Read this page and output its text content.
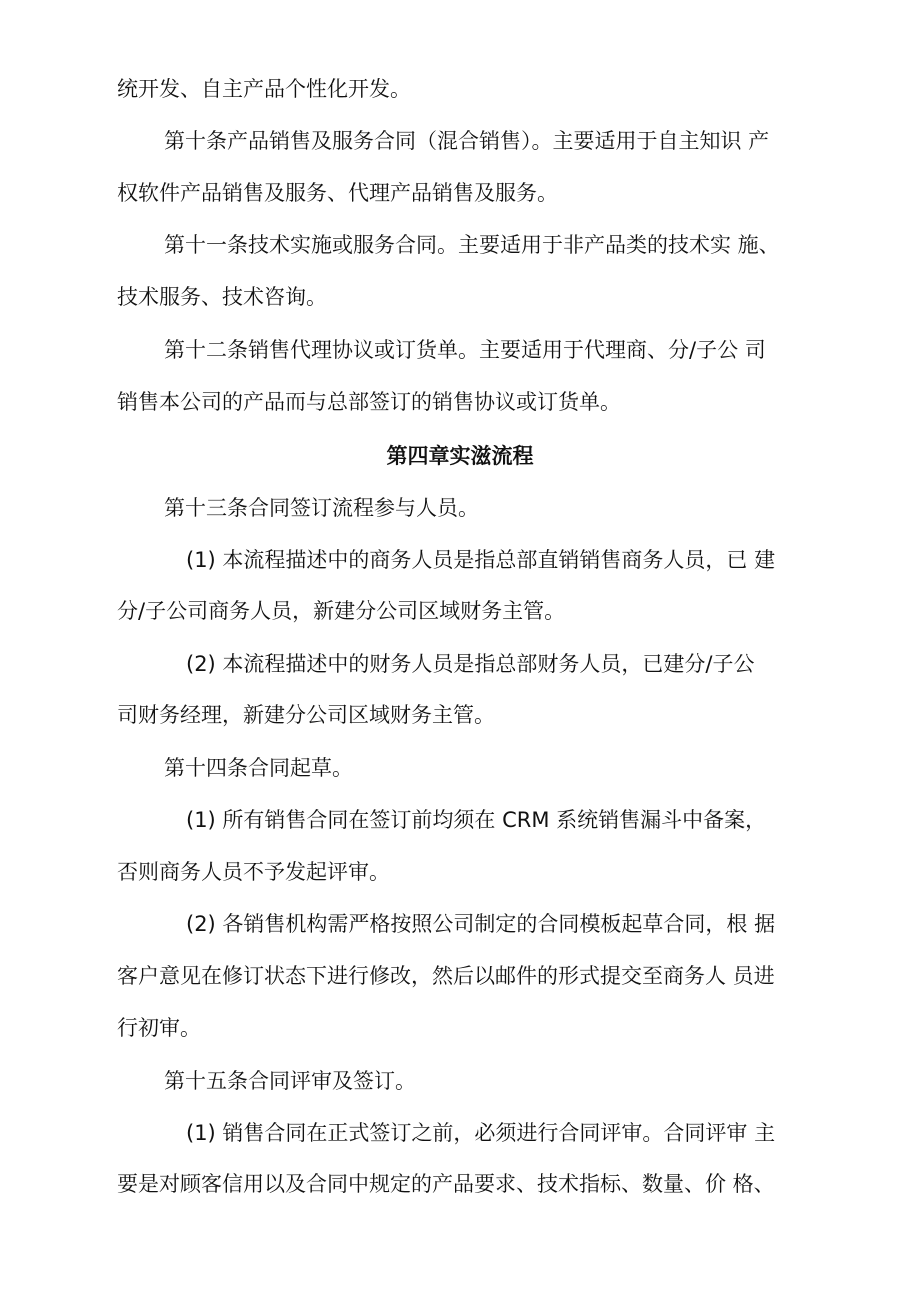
统开发、自主产品个性化开发。
第十条产品销售及服务合同（混合销售）。主要适用于自主知识 产
权软件产品销售及服务、代理产品销售及服务。
第十一条技术实施或服务合同。主要适用于非产品类的技术实 施、
技术服务、技术咨询。
第十二条销售代理协议或订货单。主要适用于代理商、分/子公 司
销售本公司的产品而与总部签订的销售协议或订货单。
第四章实滋流程
第十三条合同签订流程参与人员。
(1) 本流程描述中的商务人员是指总部直销销售商务人员，已 建
分/子公司商务人员，新建分公司区域财务主管。
(2) 本流程描述中的财务人员是指总部财务人员，已建分/子公
司财务经理，新建分公司区域财务主管。
第十四条合同起草。
(1) 所有销售合同在签订前均须在 CRM 系统销售漏斗中备案，
否则商务人员不予发起评审。
(2) 各销售机构需严格按照公司制定的合同模板起草合同，根 据
客户意见在修订状态下进行修改，然后以邮件的形式提交至商务人 员进
行初审。
第十五条合同评审及签订。
(1) 销售合同在正式签订之前，必须进行合同评审。合同评审 主
要是对顾客信用以及合同中规定的产品要求、技术指标、数量、价 格、
